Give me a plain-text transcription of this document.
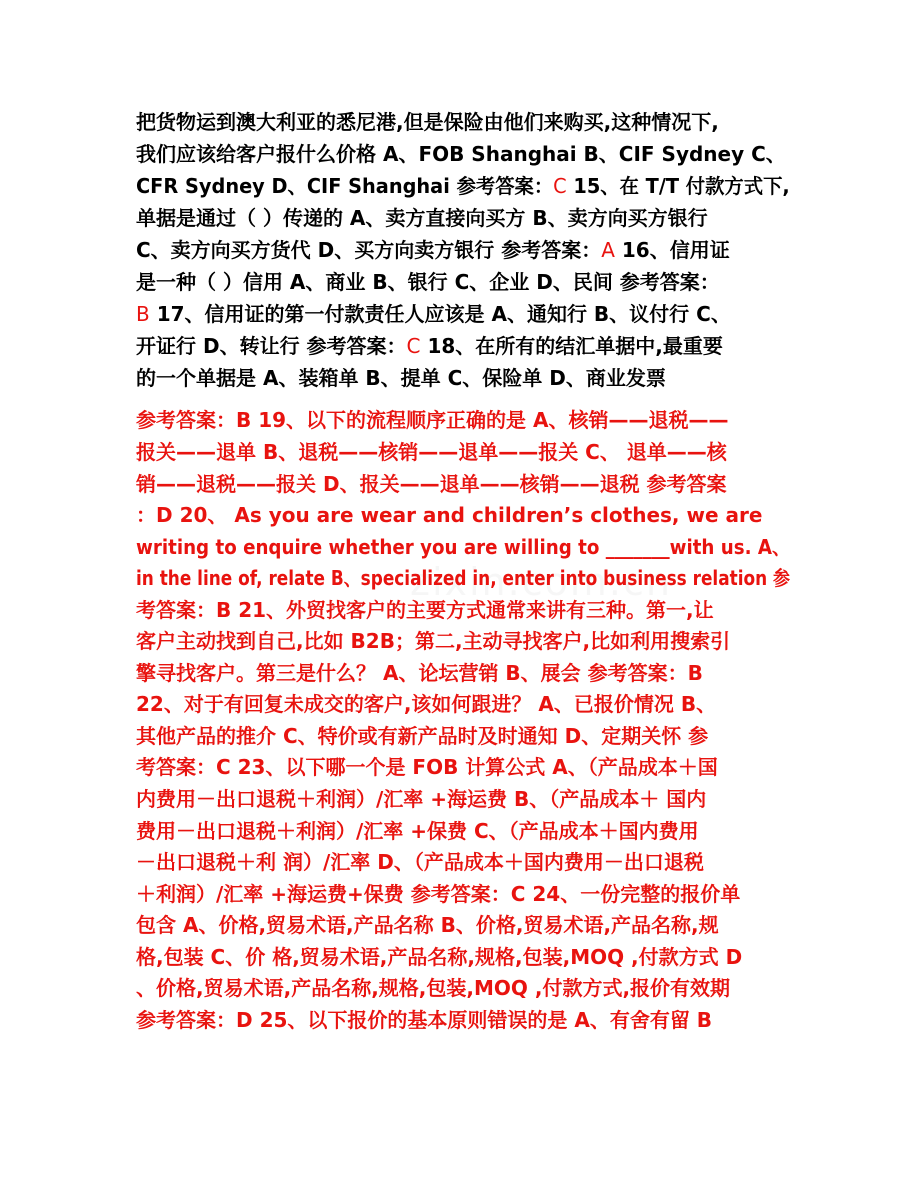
把货物运到澳大利亚的悉尼港,但是保险由他们来购买,这种情况下,
我们应该给客户报什么价格 A、FOB Shanghai B、CIF Sydney C、
CFR Sydney D、CIF Shanghai 参考答案：C 15、在 T/T 付款方式下,
单据是通过（ ）传递的 A、卖方直接向买方 B、卖方向买方银行
C、卖方向买方货代 D、买方向卖方银行 参考答案：A 16、信用证
是一种（ ）信用 A、商业 B、银行 C、企业 D、民间 参考答案：
B 17、信用证的第一付款责任人应该是 A、通知行 B、议付行 C、
开证行 D、转让行 参考答案：C 18、在所有的结汇单据中,最重要
的一个单据是 A、装箱单 B、提单 C、保险单 D、商业发票
参考答案：B 19、以下的流程顺序正确的是 A、核销——退税——
报关——退单 B、退税——核销——退单——报关 C、 退单——核
销——退税——报关 D、报关——退单——核销——退税 参考答案
：D 20、 As you are wear and children’s clothes, we are
writing to enquire whether you are willing to _______with us. A、
in the line of, relate B、specialized in, enter into business relation 参
考答案：B 21、外贸找客户的主要方式通常来讲有三种。第一,让
客户主动找到自己,比如 B2B；第二,主动寻找客户,比如利用搜索引
擎寻找客户。第三是什么？ A、论坛营销 B、展会 参考答案：B
22、对于有回复未成交的客户,该如何跟进？ A、已报价情况 B、
其他产品的推介 C、特价或有新产品时及时通知 D、定期关怀 参
考答案：C 23、以下哪一个是 FOB 计算公式 A、（产品成本＋国
内费用－出口退税＋利润）/汇率 +海运费 B、（产品成本＋ 国内
费用－出口退税＋利润）/汇率 +保费 C、（产品成本＋国内费用
－出口退税＋利 润）/汇率 D、（产品成本＋国内费用－出口退税
＋利润）/汇率 +海运费+保费 参考答案：C 24、一份完整的报价单
包含 A、价格,贸易术语,产品名称 B、价格,贸易术语,产品名称,规
格,包装 C、价 格,贸易术语,产品名称,规格,包装,MOQ ,付款方式 D
、价格,贸易术语,产品名称,规格,包装,MOQ ,付款方式,报价有效期
参考答案：D 25、以下报价的基本原则错误的是 A、有舍有留 B
